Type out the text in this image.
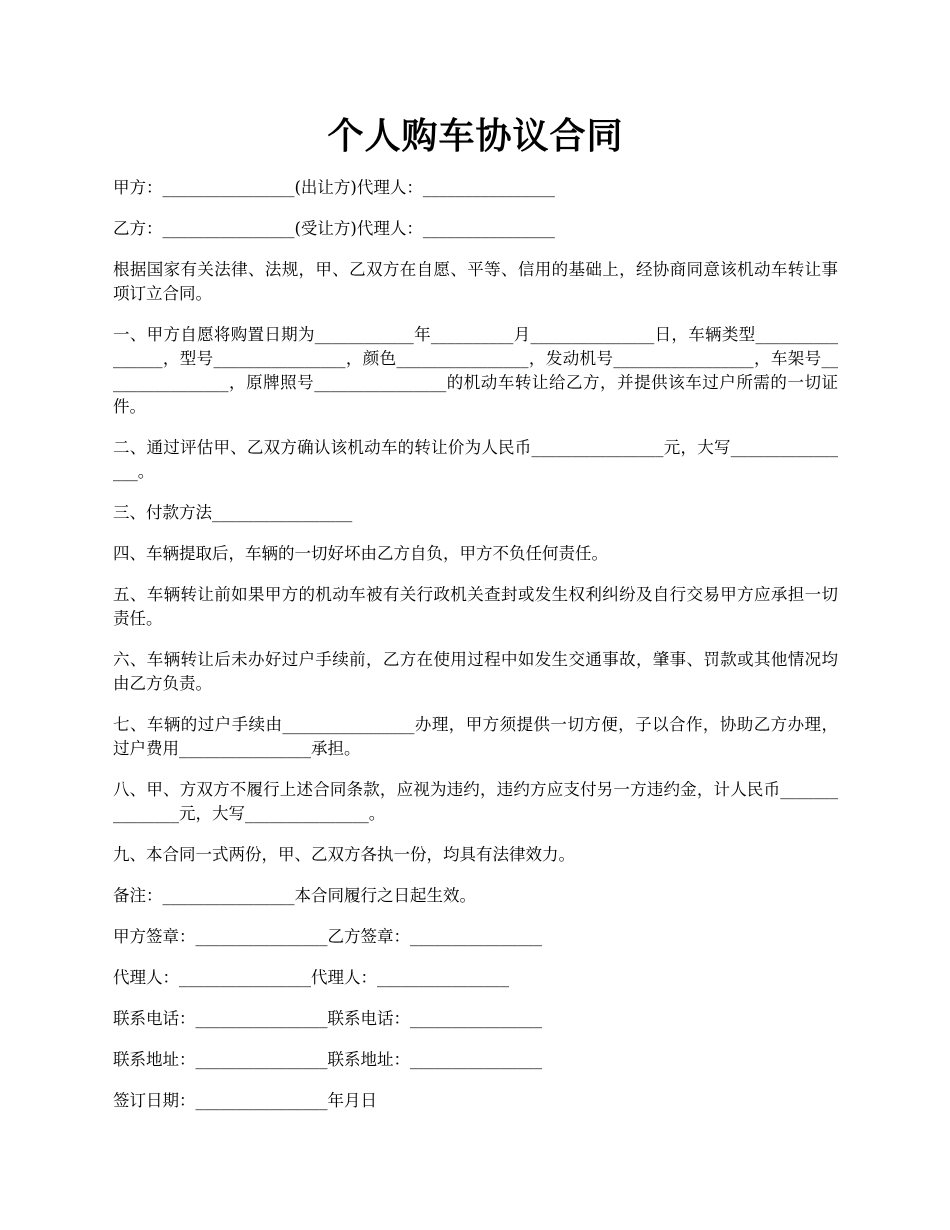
个人购车协议合同

甲方：________________(出让方)代理人：________________

乙方：________________(受让方)代理人：________________

根据国家有关法律、法规，甲、乙双方在自愿、平等、信用的基础上，经协商同意该机动车转让事项订立合同。

一、甲方自愿将购置日期为____________年__________月_______________日，车辆类型________________，型号________________，颜色________________，发动机号_________________，车架号________________，原牌照号________________的机动车转让给乙方，并提供该车过户所需的一切证件。

二、通过评估甲、乙双方确认该机动车的转让价为人民币________________元，大写________________。

三、付款方法_________________

四、车辆提取后，车辆的一切好坏由乙方自负，甲方不负任何责任。

五、车辆转让前如果甲方的机动车被有关行政机关查封或发生权利纠纷及自行交易甲方应承担一切责任。

六、车辆转让后未办好过户手续前，乙方在使用过程中如发生交通事故，肇事、罚款或其他情况均由乙方负责。

七、车辆的过户手续由________________办理，甲方须提供一切方便，子以合作，协助乙方办理，过户费用________________承担。

八、甲、方双方不履行上述合同条款，应视为违约，违约方应支付另一方违约金，计人民币_______________元，大写_______________。

九、本合同一式两份，甲、乙双方各执一份，均具有法律效力。

备注：________________本合同履行之日起生效。

甲方签章：________________乙方签章：________________

代理人：________________代理人：________________

联系电话：________________联系电话：________________

联系地址：________________联系地址：________________

签订日期：________________年月日
